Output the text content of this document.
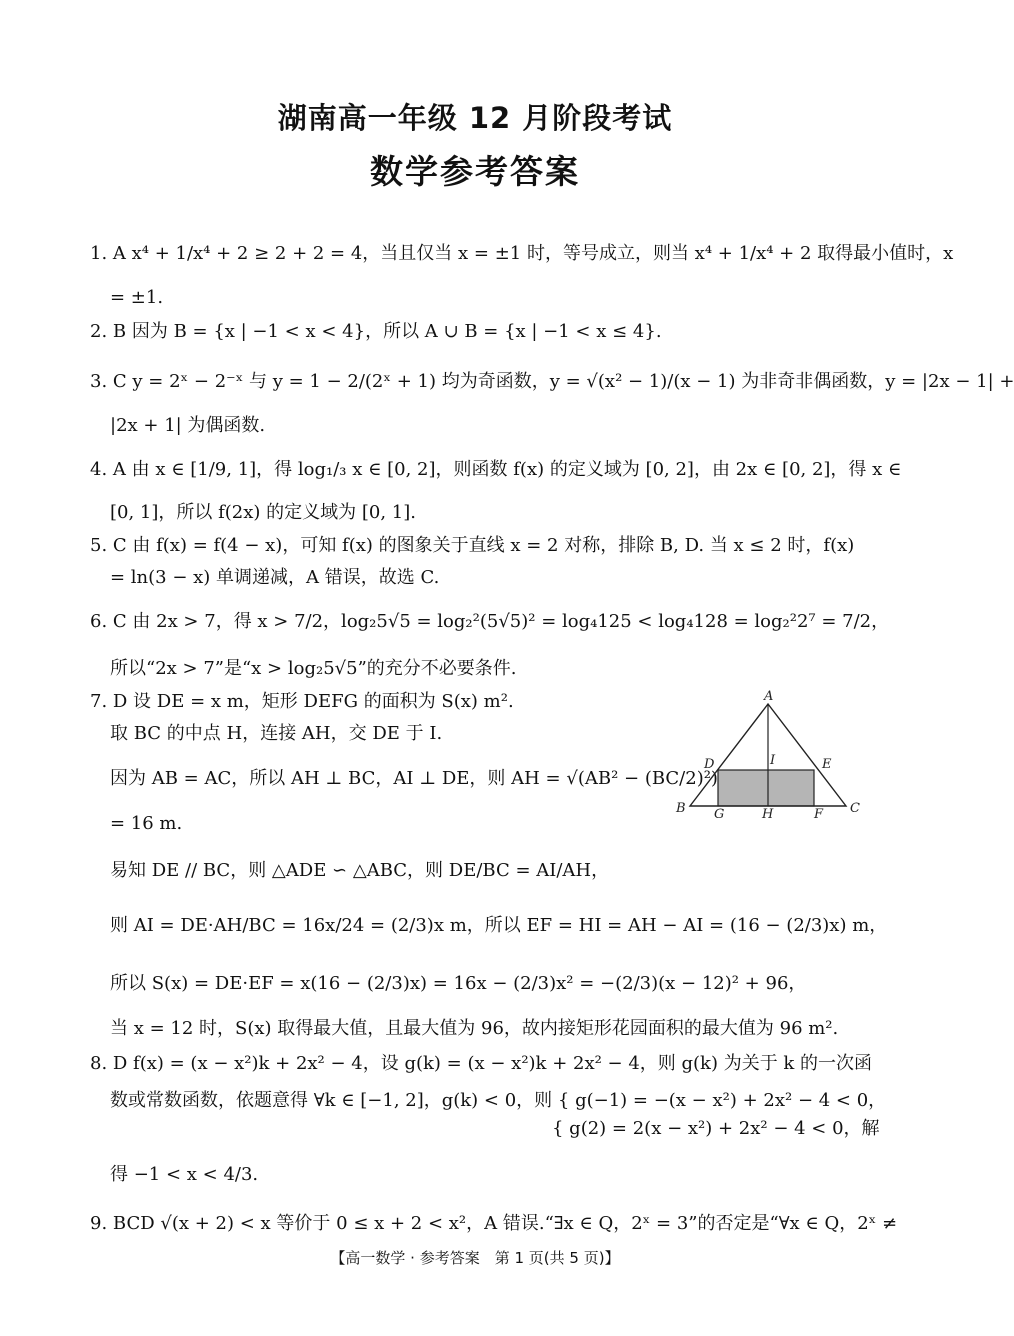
湖南高一年级 12 月阶段考试
数学参考答案
1. A x⁴ + 1/x⁴ + 2 ≥ 2 + 2 = 4，当且仅当 x = ±1 时，等号成立，则当 x⁴ + 1/x⁴ + 2 取得最小值时，x
= ±1.
2. B 因为 B = {x | −1 < x < 4}，所以 A ∪ B = {x | −1 < x ≤ 4}.
3. C y = 2ˣ − 2⁻ˣ 与 y = 1 − 2/(2ˣ + 1) 均为奇函数，y = √(x² − 1)/(x − 1) 为非奇非偶函数，y = |2x − 1| +
|2x + 1| 为偶函数.
4. A 由 x ∈ [1/9, 1]，得 log₁/₃ x ∈ [0, 2]，则函数 f(x) 的定义域为 [0, 2]，由 2x ∈ [0, 2]，得 x ∈
[0, 1]，所以 f(2x) 的定义域为 [0, 1].
5. C 由 f(x) = f(4 − x)，可知 f(x) 的图象关于直线 x = 2 对称，排除 B, D. 当 x ≤ 2 时，f(x)
= ln(3 − x) 单调递减，A 错误，故选 C.
6. C 由 2x > 7，得 x > 7/2，log₂5√5 = log₂²(5√5)² = log₄125 < log₄128 = log₂²2⁷ = 7/2，
所以“2x > 7”是“x > log₂5√5”的充分不必要条件.
7. D 设 DE = x m，矩形 DEFG 的面积为 S(x) m².
取 BC 的中点 H，连接 AH，交 DE 于 I.
因为 AB = AC，所以 AH ⊥ BC，AI ⊥ DE，则 AH = √(AB² − (BC/2)²)
= 16 m.
易知 DE // BC，则 △ADE ∽ △ABC，则 DE/BC = AI/AH，
则 AI = DE·AH/BC = 16x/24 = (2/3)x m，所以 EF = HI = AH − AI = (16 − (2/3)x) m，
所以 S(x) = DE·EF = x(16 − (2/3)x) = 16x − (2/3)x² = −(2/3)(x − 12)² + 96，
当 x = 12 时，S(x) 取得最大值，且最大值为 96，故内接矩形花园面积的最大值为 96 m².
8. D f(x) = (x − x²)k + 2x² − 4，设 g(k) = (x − x²)k + 2x² − 4，则 g(k) 为关于 k 的一次函
数或常数函数，依题意得 ∀k ∈ [−1, 2]，g(k) < 0，则 { g(−1) = −(x − x²) + 2x² − 4 < 0，
{ g(2) = 2(x − x²) + 2x² − 4 < 0，解
得 −1 < x < 4/3.
9. BCD √(x + 2) < x 等价于 0 ≤ x + 2 < x²，A 错误.“∃x ∈ Q，2ˣ = 3”的否定是“∀x ∈ Q，2ˣ ≠
A
B	C
D	E
F
G	H
I
【高一数学 · 参考答案　第 1 页(共 5 页)】
